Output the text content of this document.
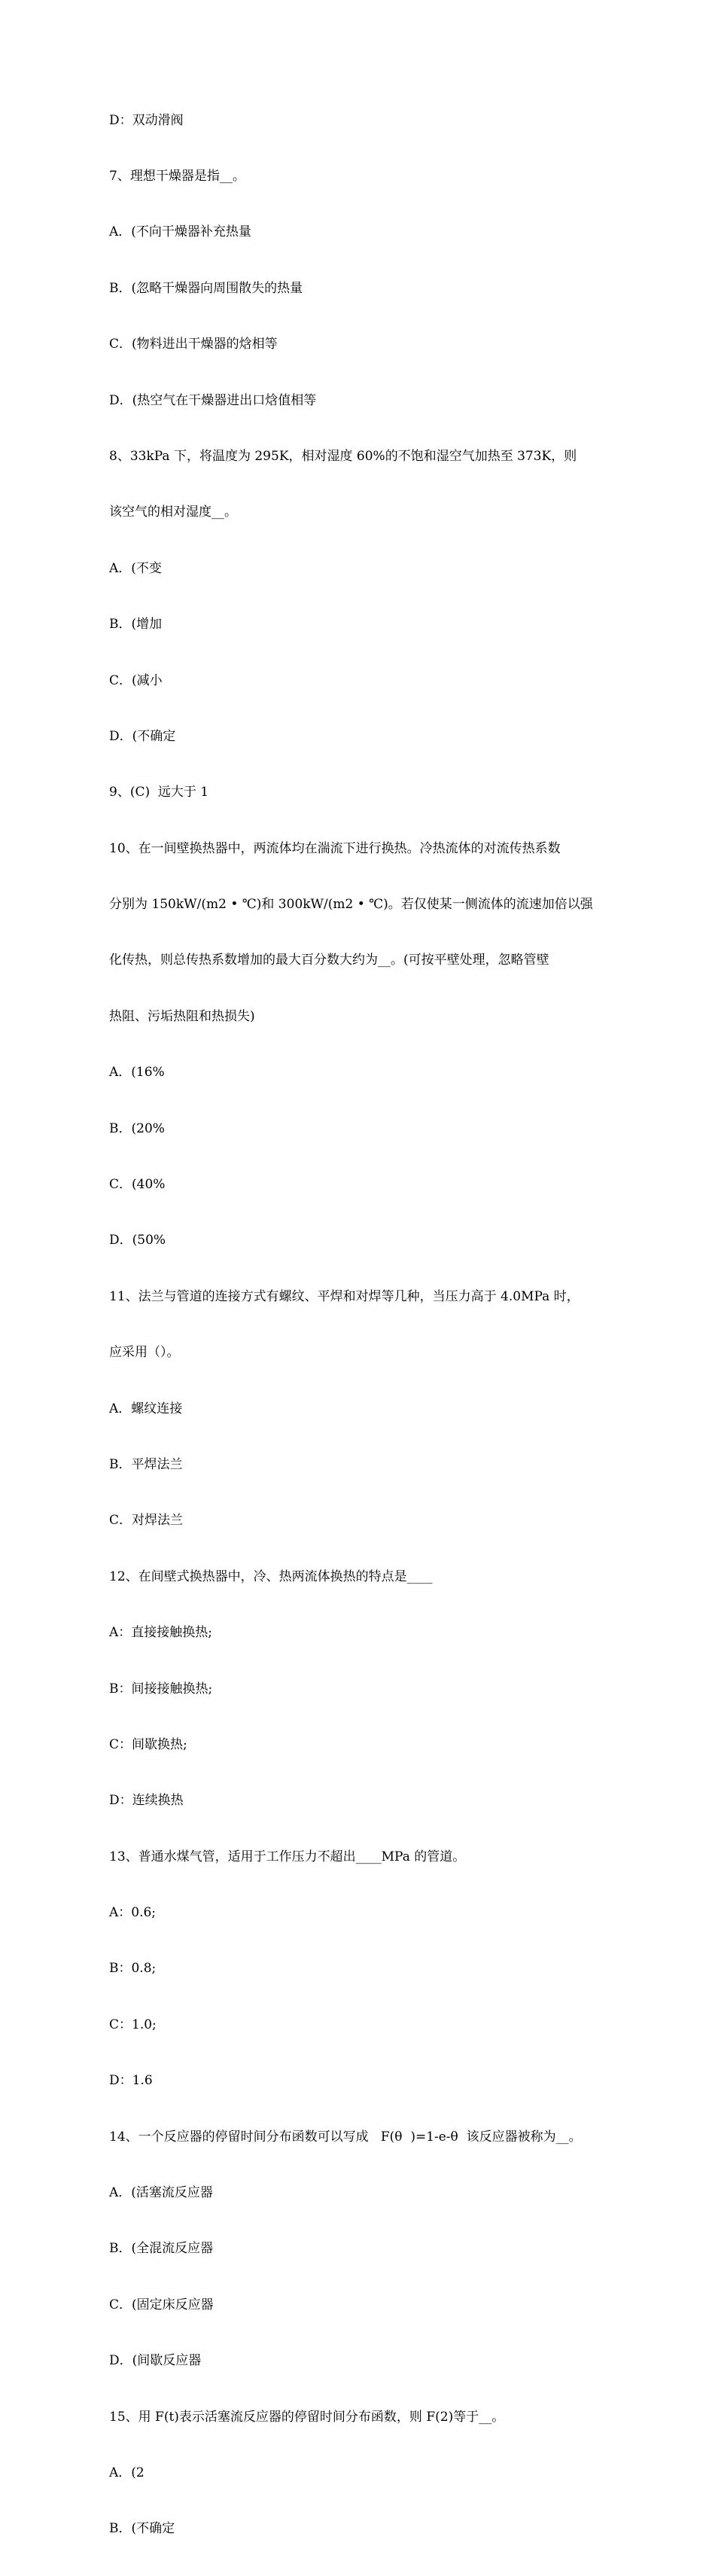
D：双动滑阀

7、理想干燥器是指__。

A．(不向干燥器补充热量

B．(忽略干燥器向周围散失的热量

C．(物料进出干燥器的焓相等

D．(热空气在干燥器进出口焓值相等

8、33kPa 下，将温度为 295K，相对湿度 60%的不饱和湿空气加热至 373K，则

该空气的相对湿度__。

A．(不变

B．(增加

C．(减小

D．(不确定

9、(C)  远大于 1

10、在一间壁换热器中，两流体均在湍流下进行换热。冷热流体的对流传热系数

分别为 150kW/(m2 • ℃)和 300kW/(m2 • ℃)。若仅使某一侧流体的流速加倍以强

化传热，则总传热系数增加的最大百分数大约为__。(可按平壁处理，忽略管壁

热阻、污垢热阻和热损失)

A．(16%

B．(20%

C．(40%

D．(50%

11、法兰与管道的连接方式有螺纹、平焊和对焊等几种，当压力高于 4.0MPa 时，

应采用（）。

A．螺纹连接

B．平焊法兰

C．对焊法兰

12、在间壁式换热器中，冷、热两流体换热的特点是____

A：直接接触换热;

B：间接接触换热;

C：间歇换热;

D：连续换热

13、普通水煤气管，适用于工作压力不超出____MPa 的管道。

A：0.6;

B：0.8;

C：1.0;

D：1.6

14、一个反应器的停留时间分布函数可以写成   F(θ  )=1-e-θ  该反应器被称为__。

A．(活塞流反应器

B．(全混流反应器

C．(固定床反应器

D．(间歇反应器

15、用 F(t)表示活塞流反应器的停留时间分布函数，则 F(2)等于__。

A．(2

B．(不确定
